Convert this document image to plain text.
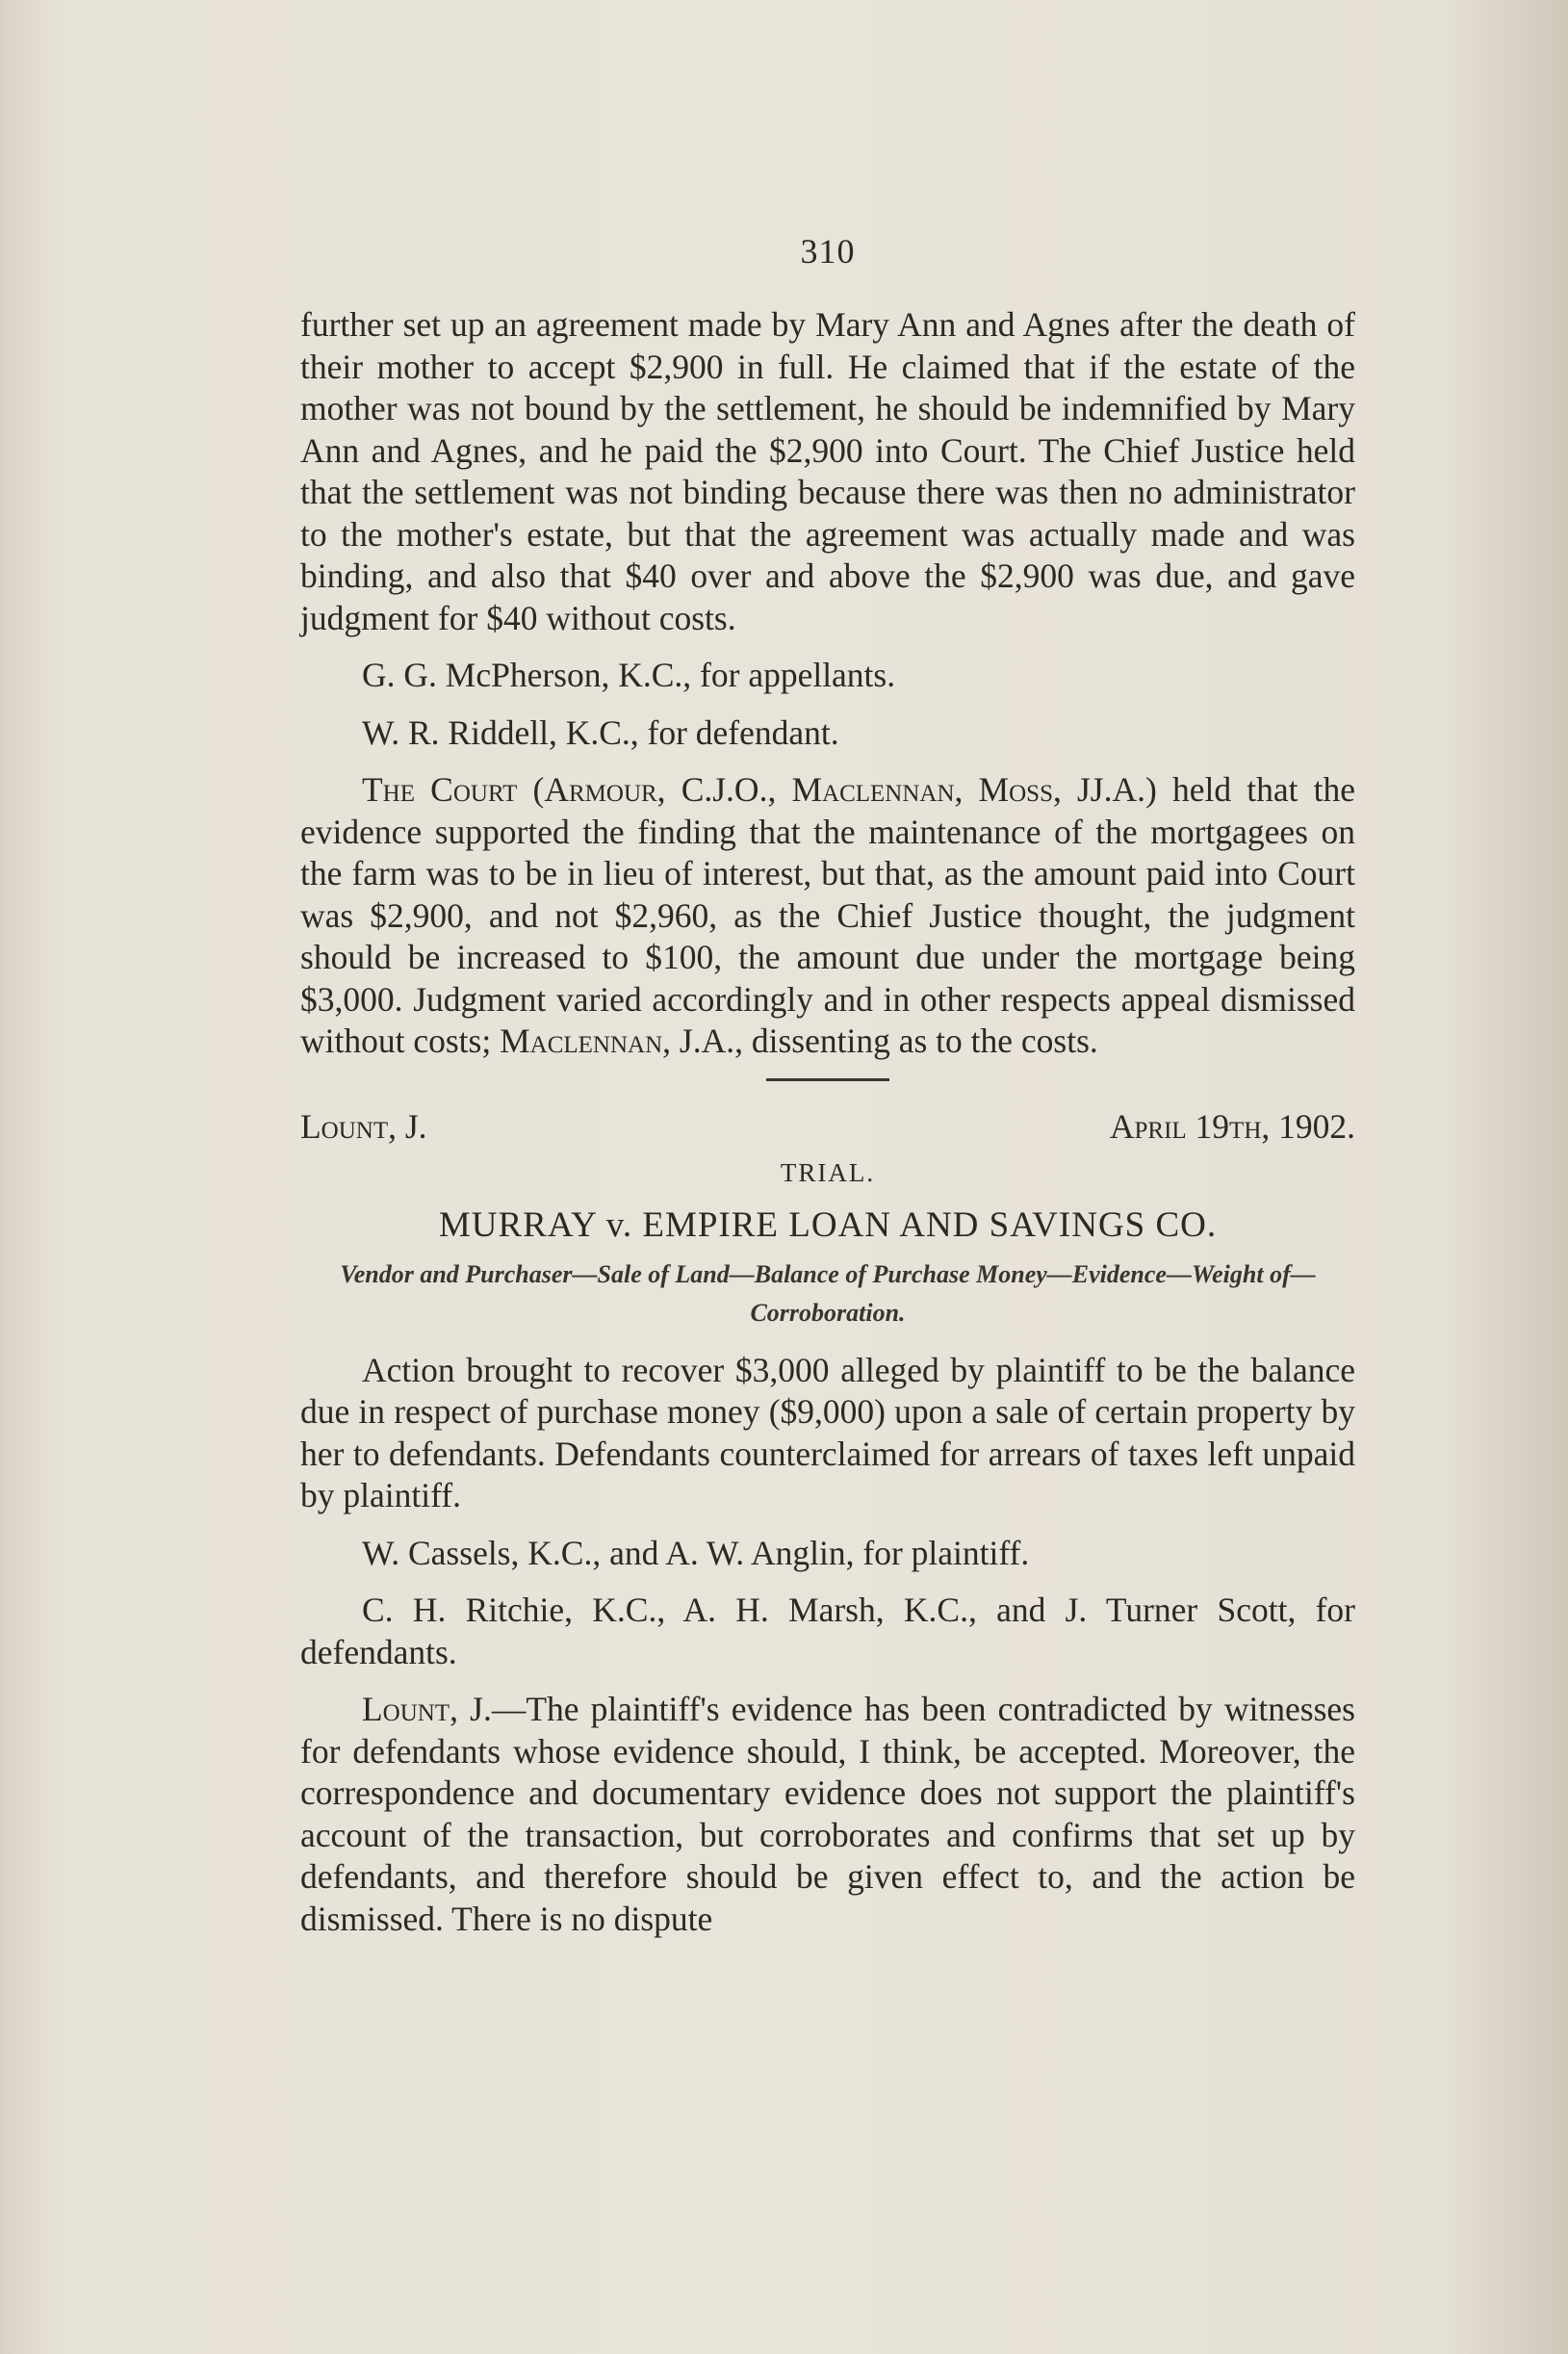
310

further set up an agreement made by Mary Ann and Agnes after the death of their mother to accept $2,900 in full. He claimed that if the estate of the mother was not bound by the settlement, he should be indemnified by Mary Ann and Agnes, and he paid the $2,900 into Court. The Chief Justice held that the settlement was not binding because there was then no administrator to the mother's estate, but that the agreement was actually made and was binding, and also that $40 over and above the $2,900 was due, and gave judgment for $40 without costs.

G. G. McPherson, K.C., for appellants.

W. R. Riddell, K.C., for defendant.

The Court (Armour, C.J.O., Maclennan, Moss, JJ.A.) held that the evidence supported the finding that the maintenance of the mortgagees on the farm was to be in lieu of interest, but that, as the amount paid into Court was $2,900, and not $2,960, as the Chief Justice thought, the judgment should be increased to $100, the amount due under the mortgage being $3,000. Judgment varied accordingly and in other respects appeal dismissed without costs; Maclennan, J.A., dissenting as to the costs.

Lount, J.	April 19th, 1902.
TRIAL.
MURRAY v. EMPIRE LOAN AND SAVINGS CO.
Vendor and Purchaser—Sale of Land—Balance of Purchase Money—Evidence—Weight of—Corroboration.

Action brought to recover $3,000 alleged by plaintiff to be the balance due in respect of purchase money ($9,000) upon a sale of certain property by her to defendants. Defendants counterclaimed for arrears of taxes left unpaid by plaintiff.

W. Cassels, K.C., and A. W. Anglin, for plaintiff.

C. H. Ritchie, K.C., A. H. Marsh, K.C., and J. Turner Scott, for defendants.

Lount, J.—The plaintiff's evidence has been contradicted by witnesses for defendants whose evidence should, I think, be accepted. Moreover, the correspondence and documentary evidence does not support the plaintiff's account of the transaction, but corroborates and confirms that set up by defendants, and therefore should be given effect to, and the action be dismissed. There is no dispute
